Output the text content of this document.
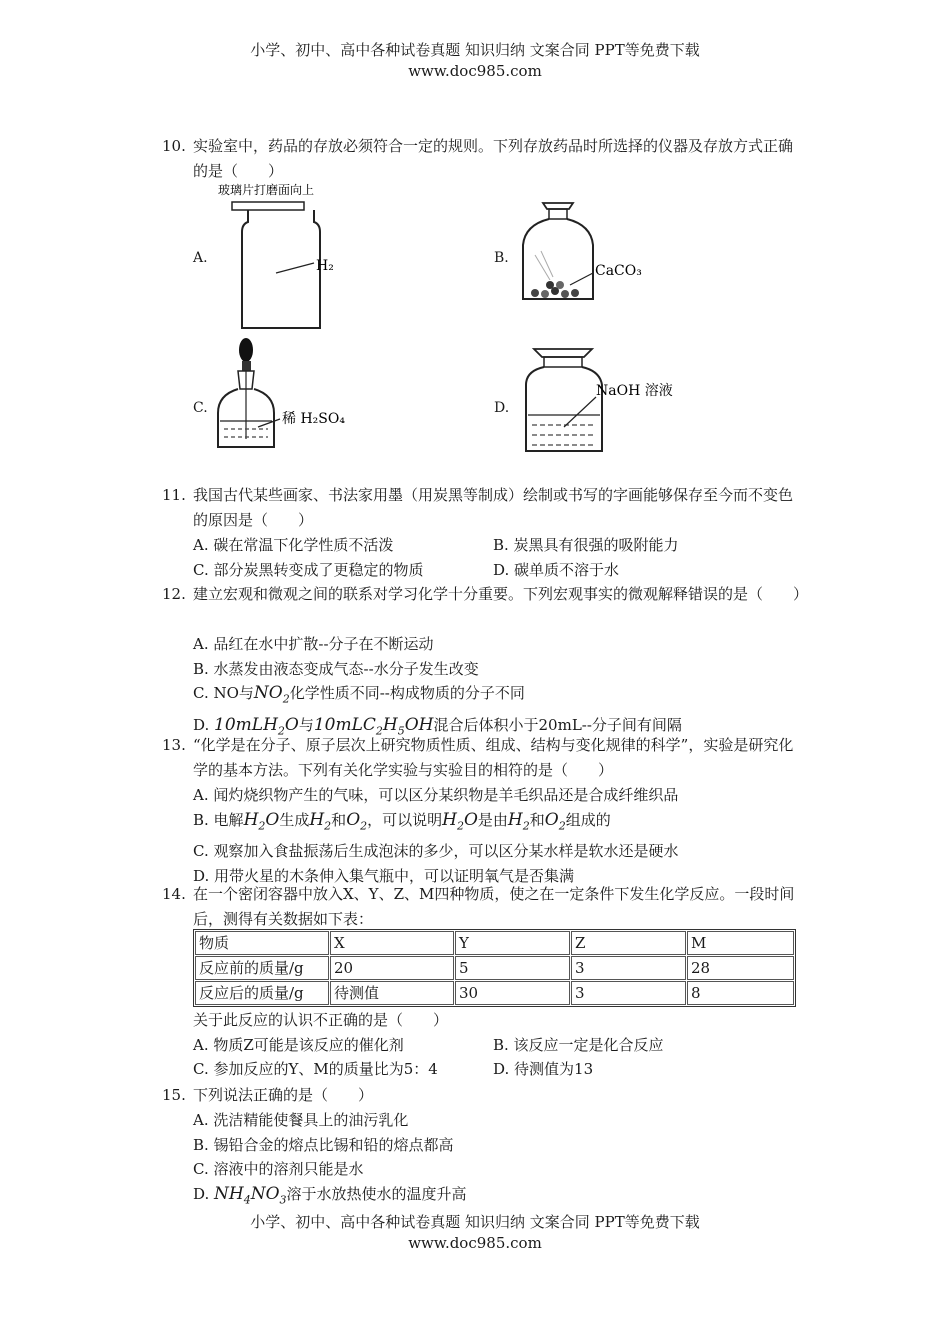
小学、初中、高中各种试卷真题 知识归纳 文案合同 PPT等免费下载
www.doc985.com
10. 实验室中，药品的存放必须符合一定的规则。下列存放药品时所选择的仪器及存放方式正确的是（　　）
A.
玻璃片打磨面向上
H₂	B.
CaCO₃
C.
稀 H₂SO₄
D.
NaOH 溶液
11. 我国古代某些画家、书法家用墨（用炭黑等制成）绘制或书写的字画能够保存至今而不变色的原因是（　　）
A. 碳在常温下化学性质不活泼	B. 炭黑具有很强的吸附能力
C. 部分炭黑转变成了更稳定的物质	D. 碳单质不溶于水
12. 建立宏观和微观之间的联系对学习化学十分重要。下列宏观事实的微观解释错误的是（　　）
A. 品红在水中扩散--分子在不断运动
B. 水蒸发由液态变成气态--水分子发生改变
C. NO与$NO_2$化学性质不同--构成物质的分子不同
D. 10mLH$_2$O与$10mLC_2H_5OH$混合后体积小于20mL--分子间有间隔
13. “化学是在分子、原子层次上研究物质性质、组成、结构与变化规律的科学”，实验是研究化学的基本方法。下列有关化学实验与实验目的相符的是（　　）
A. 闻灼烧织物产生的气味，可以区分某织物是羊毛织品还是合成纤维织品
B. 电解$H_2O$生成$H_2$和$O_2$，可以说明$H_2O$是由$H_2$和$O_2$组成的
C. 观察加入食盐振荡后生成泡沫的多少，可以区分某水样是软水还是硬水
D. 用带火星的木条伸入集气瓶中，可以证明氧气是否集满
14. 在一个密闭容器中放入X、Y、Z、M四种物质，使之在一定条件下发生化学反应。一段时间后，测得有关数据如下表：
物质	X	Y	Z	M
反应前的质量/g	20	5	3	28
反应后的质量/g	待测值	30	3	8
关于此反应的认识不正确的是（　　）
A. 物质Z可能是该反应的催化剂	B. 该反应一定是化合反应
C. 参加反应的Y、M的质量比为5：4	D. 待测值为13
15. 下列说法正确的是（　　）
A. 洗洁精能使餐具上的油污乳化
B. 锡铅合金的熔点比锡和铅的熔点都高
C. 溶液中的溶剂只能是水
D. $NH_4NO_3$溶于水放热使水的温度升高
小学、初中、高中各种试卷真题 知识归纳 文案合同 PPT等免费下载
www.doc985.com
